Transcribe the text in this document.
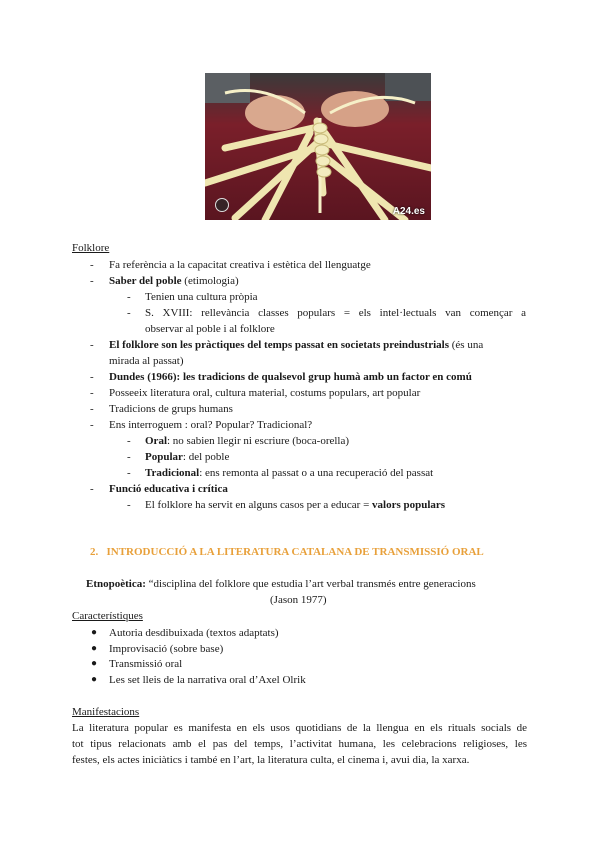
A24.es
Folklore
- Fa referència a la capacitat creativa i estètica del llenguatge
- Saber del poble (etimologia)
- Tenien una cultura pròpia
- S. XVIII: rellevància classes populars = els intel·lectuals van començar a
observar al poble i al folklore
- El folklore son les pràctiques del temps passat en societats preindustrials (és una
mirada al passat)
- Dundes (1966): les tradicions de qualsevol grup humà amb un factor en comú
- Posseeix literatura oral, cultura material, costums populars, art popular
- Tradicions de grups humans
- Ens interroguem : oral? Popular? Tradicional?
- Oral: no sabien llegir ni escriure (boca-orella)
- Popular: del poble
- Tradicional: ens remonta al passat o a una recuperació del passat
- Funció educativa i crítica
- El folklore ha servit en alguns casos per a educar = valors populars
2. INTRODUCCIÓ A LA LITERATURA CATALANA DE TRANSMISSIÓ ORAL
Etnopoètica: “disciplina del folklore que estudia l’art verbal transmés entre generacions
(Jason 1977)
Característiques
● Autoria desdibuixada (textos adaptats)
● Improvisació (sobre base)
● Transmissió oral
● Les set lleis de la narrativa oral d’Axel Olrik
Manifestacions
La literatura popular es manifesta en els usos quotidians de la llengua en els rituals socials de
tot tipus relacionats amb el pas del temps, l’activitat humana, les celebracions religioses, les
festes, els actes iniciàtics i també en l’art, la literatura culta, el cinema i, avui dia, la xarxa.
